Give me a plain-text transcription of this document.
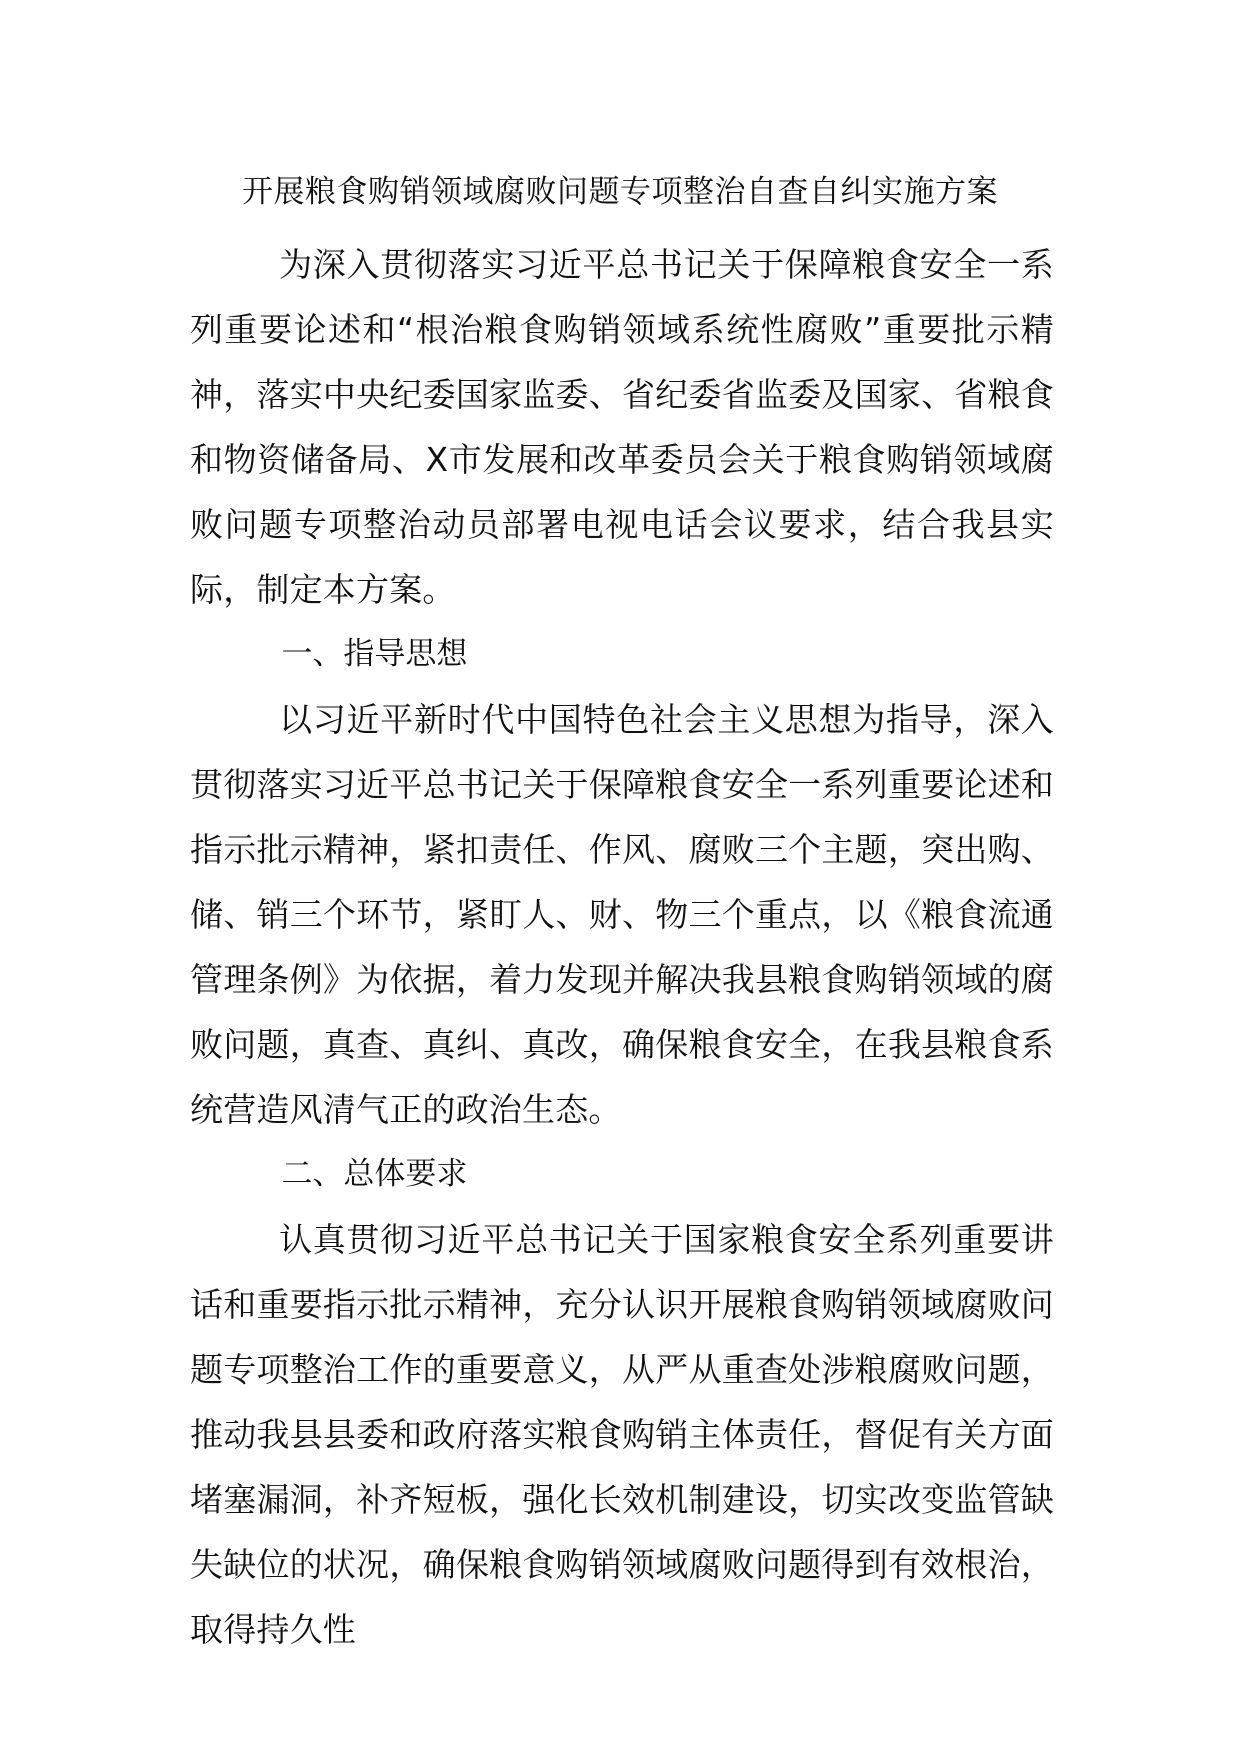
开展粮食购销领域腐败问题专项整治自查自纠实施方案

为深入贯彻落实习近平总书记关于保障粮食安全一系列重要论述和“根治粮食购销领域系统性腐败”重要批示精神，落实中央纪委国家监委、省纪委省监委及国家、省粮食和物资储备局、X市发展和改革委员会关于粮食购销领域腐败问题专项整治动员部署电视电话会议要求，结合我县实际，制定本方案。

一、指导思想

以习近平新时代中国特色社会主义思想为指导，深入贯彻落实习近平总书记关于保障粮食安全一系列重要论述和指示批示精神，紧扣责任、作风、腐败三个主题，突出购、储、销三个环节，紧盯人、财、物三个重点，以《粮食流通管理条例》为依据，着力发现并解决我县粮食购销领域的腐败问题，真查、真纠、真改，确保粮食安全，在我县粮食系统营造风清气正的政治生态。

二、总体要求

认真贯彻习近平总书记关于国家粮食安全系列重要讲话和重要指示批示精神，充分认识开展粮食购销领域腐败问题专项整治工作的重要意义，从严从重查处涉粮腐败问题，推动我县县委和政府落实粮食购销主体责任，督促有关方面堵塞漏洞，补齐短板，强化长效机制建设，切实改变监管缺失缺位的状况，确保粮食购销领域腐败问题得到有效根治，取得持久性
